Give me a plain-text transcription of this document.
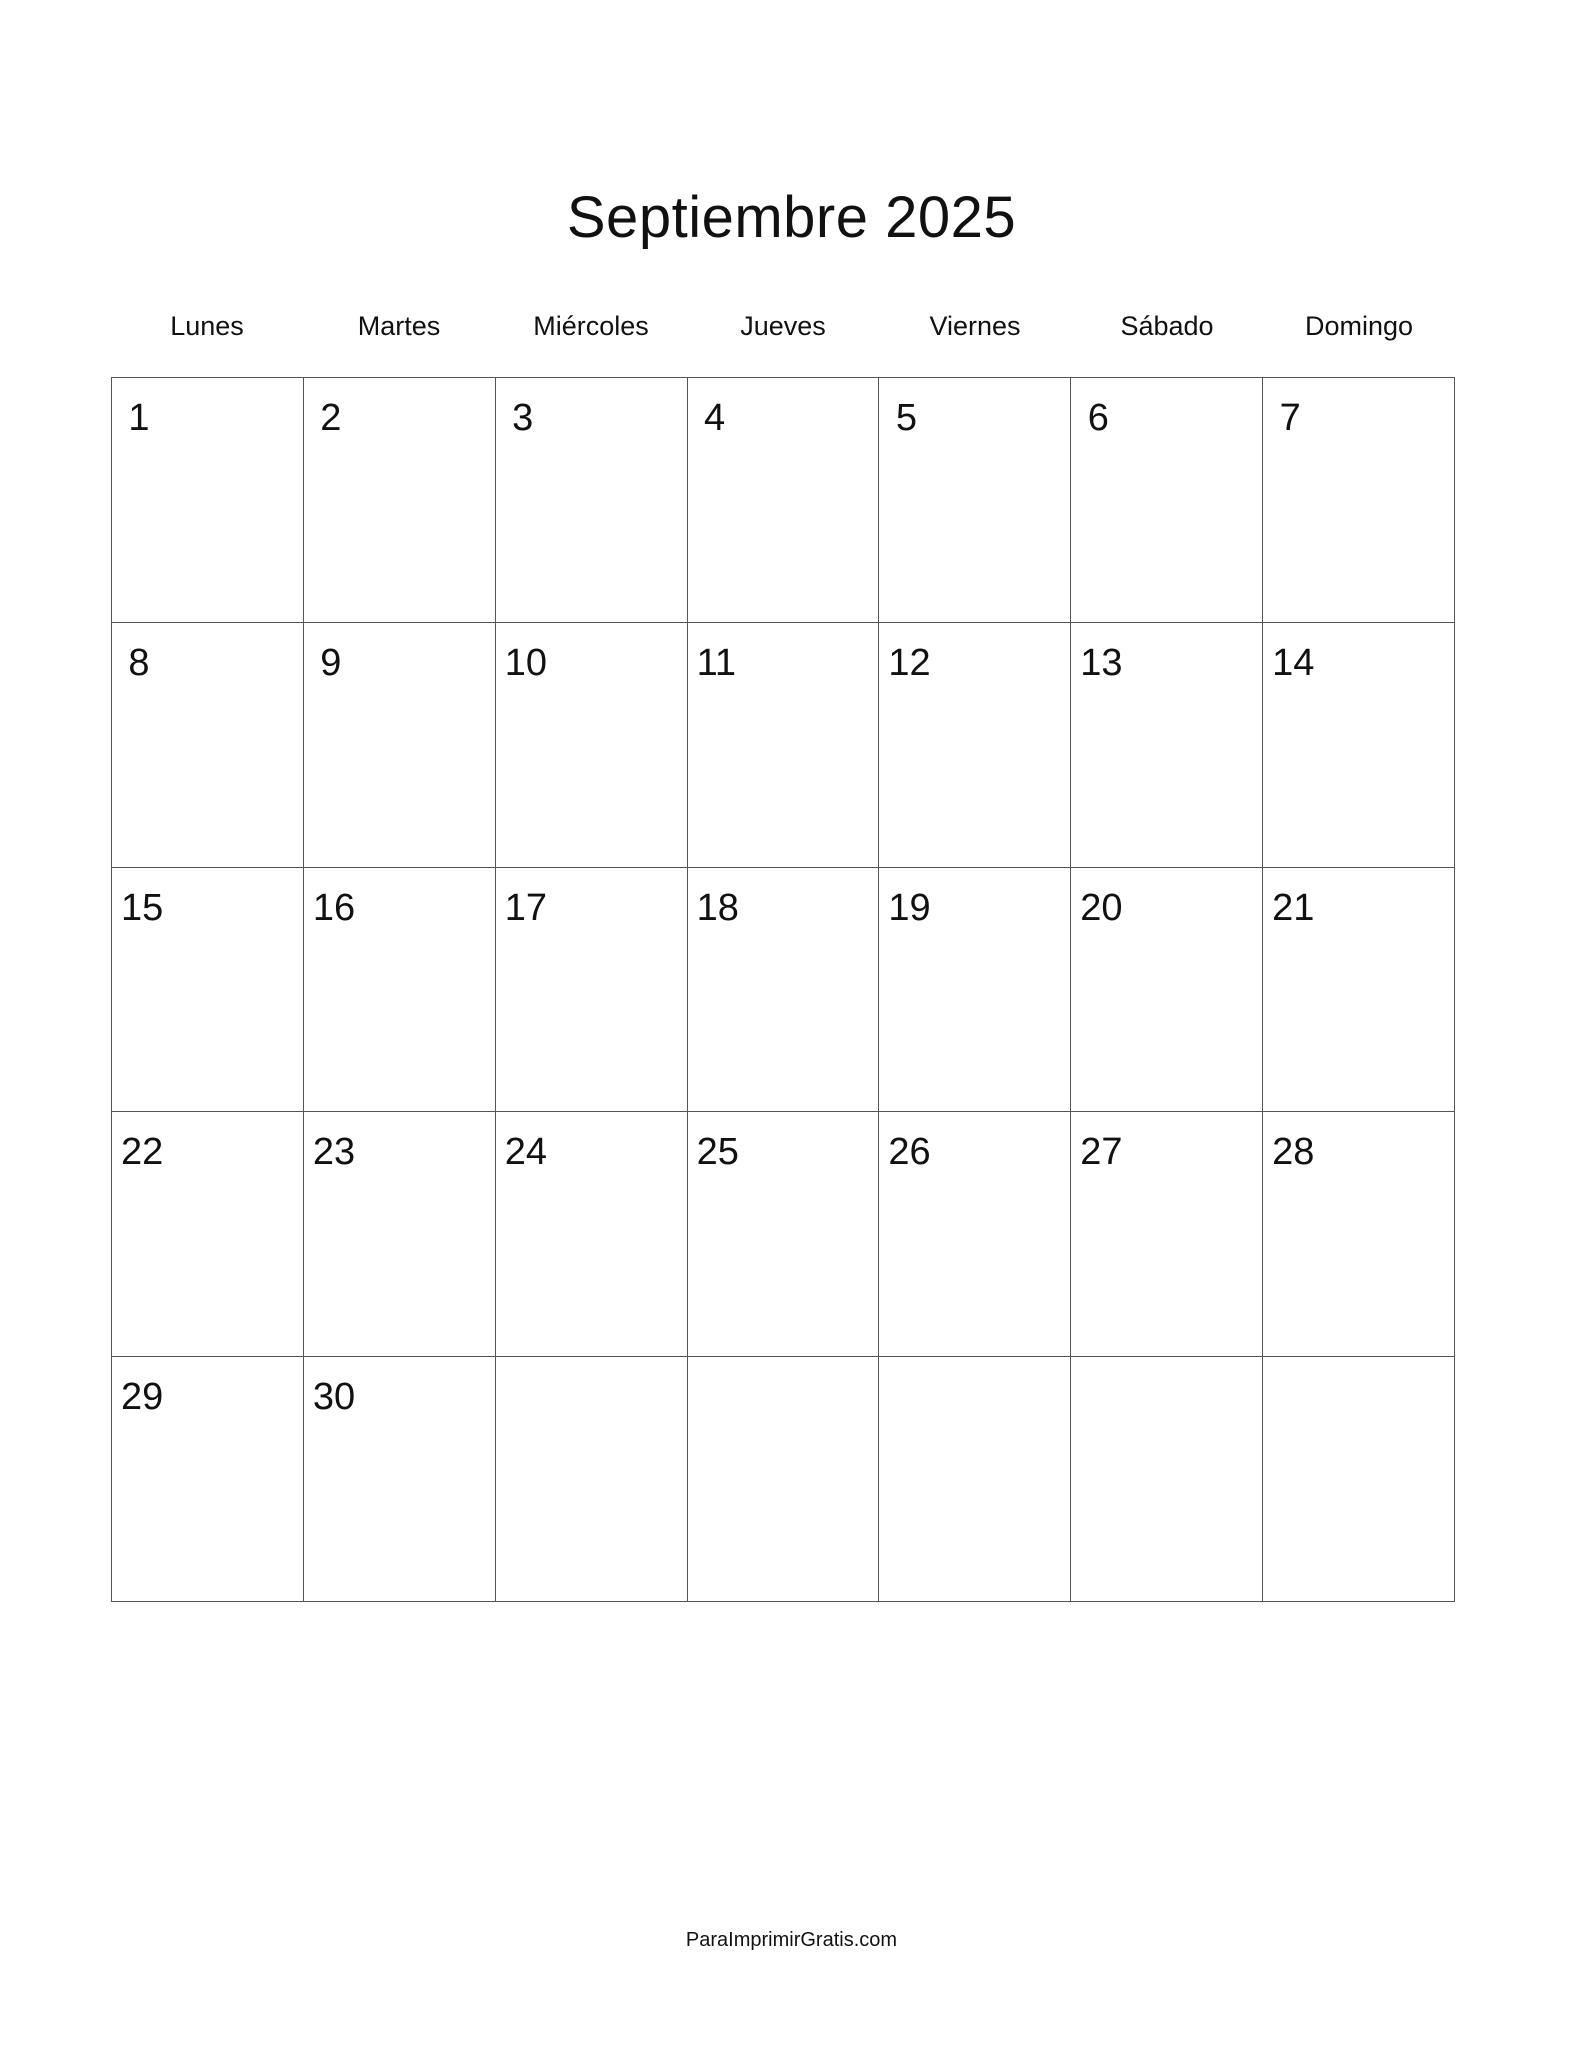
Septiembre 2025
Lunes	Martes	Miércoles	Jueves	Viernes	Sábado	Domingo
1	2	3	4	5	6	7
8	9	10	11	12	13	14
15	16	17	18	19	20	21
22	23	24	25	26	27	28
29	30
ParaImprimirGratis.com
